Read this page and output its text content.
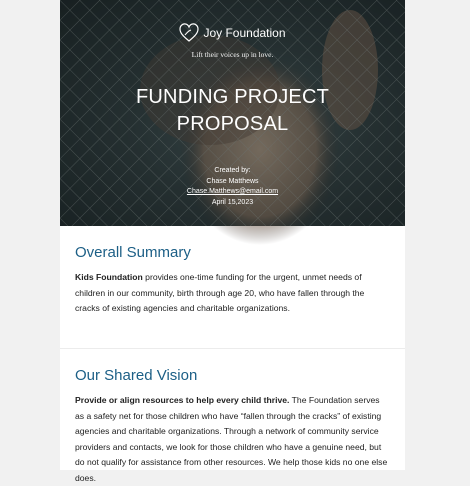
Joy Foundation
Lift their voices up in love.
FUNDING PROJECT
PROPOSAL
Created by:
Chase Matthews
Chase.Matthews@email.com
April 15,2023
Overall Summary

Kids Foundation provides one-time funding for the urgent, unmet needs of children in our community, birth through age 20, who have fallen through the cracks of existing agencies and charitable organizations.

Our Shared Vision

Provide or align resources to help every child thrive. The Foundation serves as a safety net for those children who have “fallen through the cracks” of existing agencies and charitable organizations. Through a network of community service providers and contacts, we look for those children who have a genuine need, but do not qualify for assistance from other resources. We help those kids no one else does.
